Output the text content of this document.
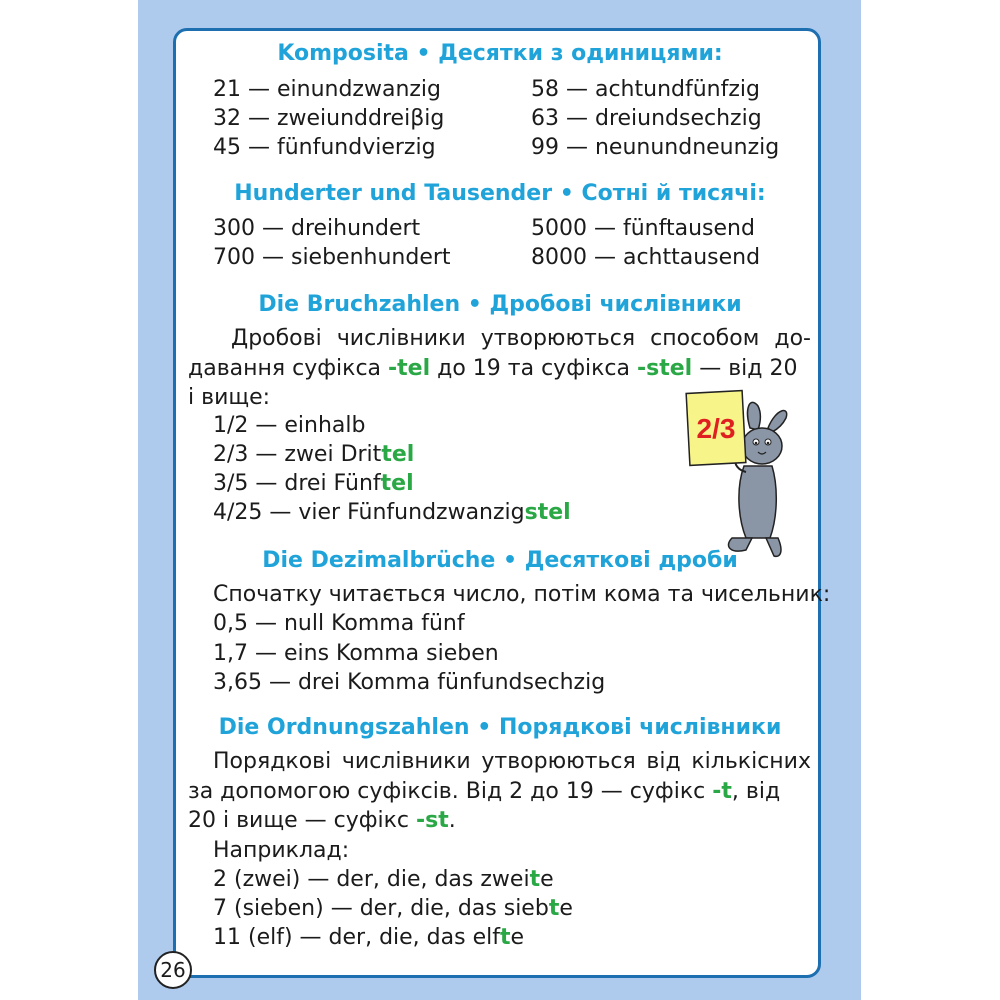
Komposita • Десятки з одиницями:
21 — einundzwanzig
32 — zweiunddreiβig
45 — fünfundvierzig
58 — achtundfünfzig
63 — dreiundsechzig
99 — neunundneunzig
Hunderter und Tausender • Сотні й тисячі:
300 — dreihundert
700 — siebenhundert
5000 — fünftausend
8000 — achttausend
Die Bruchzahlen • Дробові числівники
Дробові числівники утворюються способом до-
давання суфікса -tel до 19 та суфікса -stel — від 20
і вище:
1/2 — einhalb
2/3 — zwei Drittel
3/5 — drei Fünftel
4/25 — vier Fünfundzwanzigstel
2/3
Die Dezimalbrüche • Десяткові дроби
Спочатку читається число, потім кома та чисельник:
0,5 — null Komma fünf
1,7 — eins Komma sieben
3,65 — drei Komma fünfundsechzig
Die Ordnungszahlen • Порядкові числівники
Порядкові числівники утворюються від кількісних
за допомогою суфіксів. Від 2 до 19 — суфікс -t, від
20 і вище — суфікс -st.
Наприклад:
2 (zwei) — der, die, das zweite
7 (sieben) — der, die, das siebte
11 (elf) — der, die, das elfte
26
